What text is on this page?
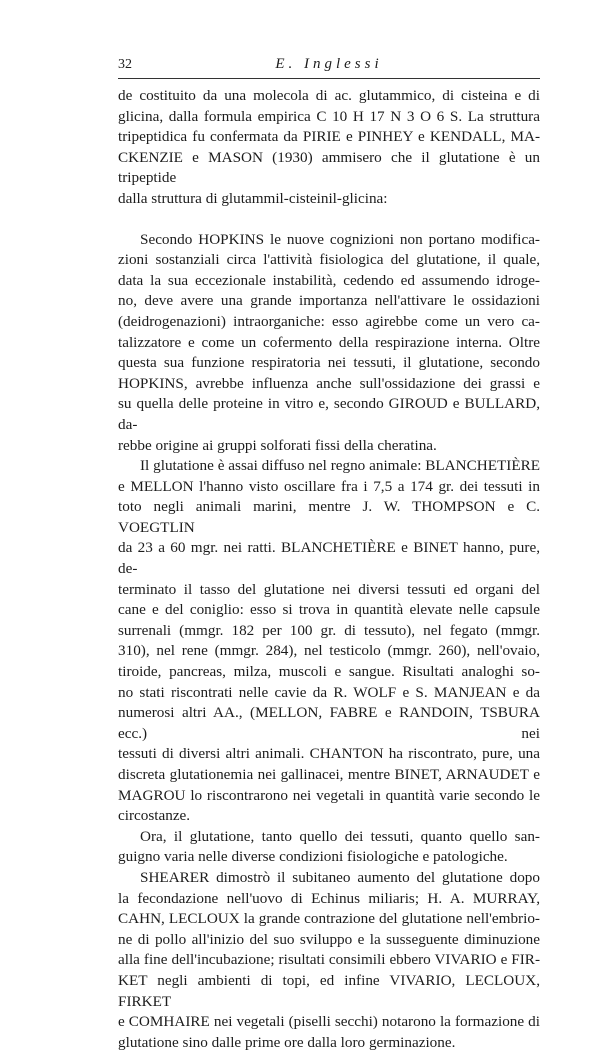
32	E. Inglessi

de costituito da una molecola di ac. glutammico, di cisteina e di

glicina, dalla formula empirica C 10 H 17 N 3 O 6 S. La struttura

tripeptidica fu confermata da PIRIE e PINHEY e KENDALL, MA-

CKENZIE e MASON (1930) ammisero che il glutatione è un tripeptide

dalla struttura di glutammil-cisteinil-glicina:

Secondo HOPKINS le nuove cognizioni non portano modifica-

zioni sostanziali circa l'attività fisiologica del glutatione, il quale,

data la sua eccezionale instabilità, cedendo ed assumendo idroge-

no, deve avere una grande importanza nell'attivare le ossidazioni

(deidrogenazioni) intraorganiche: esso agirebbe come un vero ca-

talizzatore e come un cofermento della respirazione interna. Oltre

questa sua funzione respiratoria nei tessuti, il glutatione, secondo

HOPKINS, avrebbe influenza anche sull'ossidazione dei grassi e

su quella delle proteine in vitro e, secondo GIROUD e BULLARD, da-

rebbe origine ai gruppi solforati fissi della cheratina.

Il glutatione è assai diffuso nel regno animale: BLANCHETIÈRE

e MELLON l'hanno visto oscillare fra i 7,5 a 174 gr. dei tessuti in

toto negli animali marini, mentre J. W. THOMPSON e C. VOEGTLIN

da 23 a 60 mgr. nei ratti. BLANCHETIÈRE e BINET hanno, pure, de-

terminato il tasso del glutatione nei diversi tessuti ed organi del

cane e del coniglio: esso si trova in quantità elevate nelle capsule

surrenali (mmgr. 182 per 100 gr. di tessuto), nel fegato (mmgr.

310), nel rene (mmgr. 284), nel testicolo (mmgr. 260), nell'ovaio,

tiroide, pancreas, milza, muscoli e sangue. Risultati analoghi so-

no stati riscontrati nelle cavie da R. WOLF e S. MANJEAN e da

numerosi altri AA., (MELLON, FABRE e RANDOIN, TSBURA ecc.) nei

tessuti di diversi altri animali. CHANTON ha riscontrato, pure, una

discreta glutationemia nei gallinacei, mentre BINET, ARNAUDET e

MAGROU lo riscontrarono nei vegetali in quantità varie secondo le

circostanze.

Ora, il glutatione, tanto quello dei tessuti, quanto quello san-

guigno varia nelle diverse condizioni fisiologiche e patologiche.

SHEARER dimostrò il subitaneo aumento del glutatione dopo

la fecondazione nell'uovo di Echinus miliaris; H. A. MURRAY,

CAHN, LECLOUX la grande contrazione del glutatione nell'embrio-

ne di pollo all'inizio del suo sviluppo e la susseguente diminuzione

alla fine dell'incubazione; risultati consimili ebbero VIVARIO e FIR-

KET negli ambienti di topi, ed infine VIVARIO, LECLOUX, FIRKET

e COMHAIRE nei vegetali (piselli secchi) notarono la formazione di

glutatione sino dalle prime ore dalla loro germinazione.
